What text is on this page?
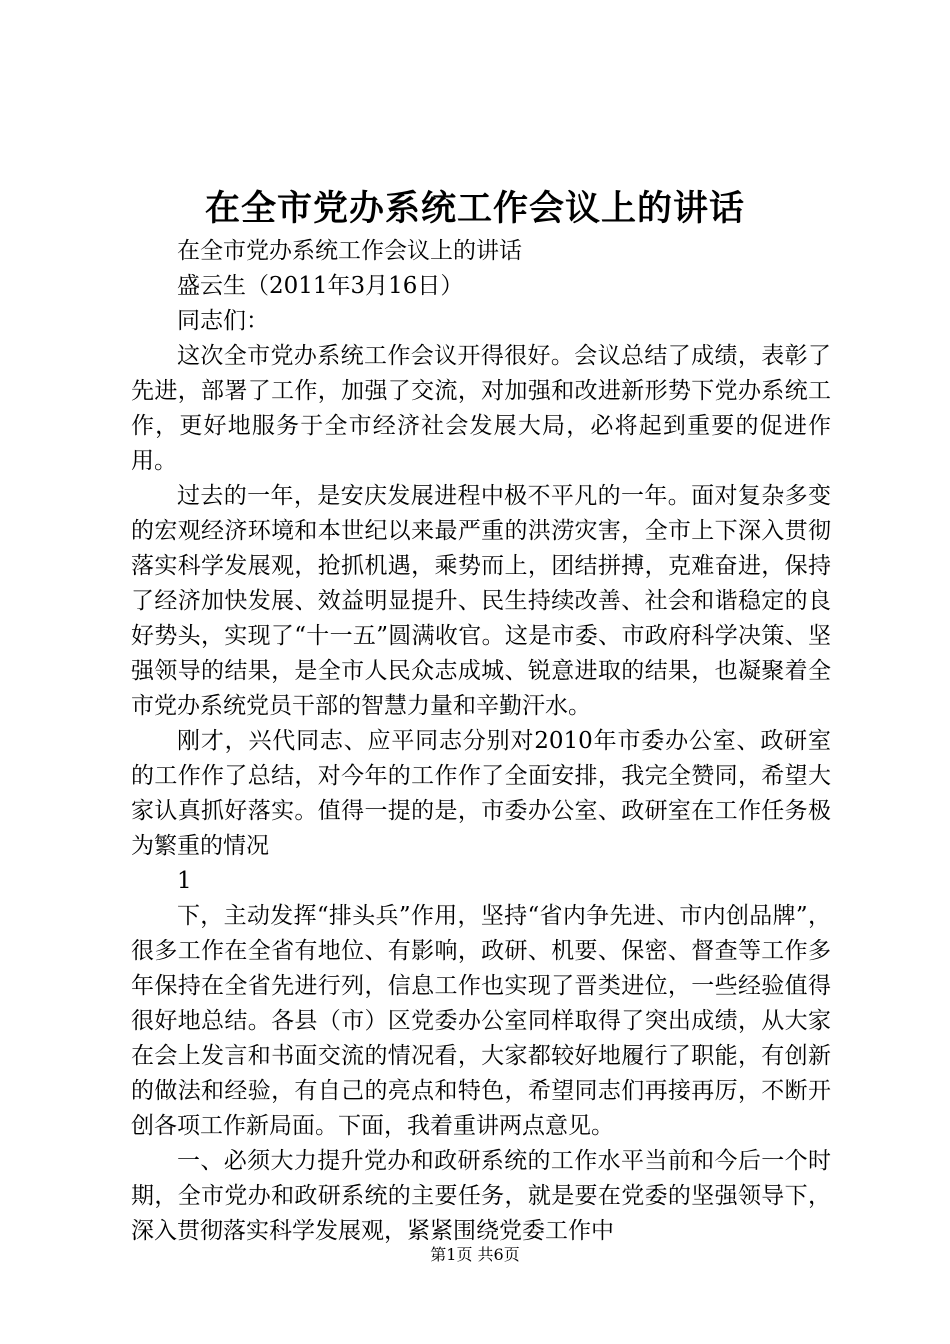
在全市党办系统工作会议上的讲话

在全市党办系统工作会议上的讲话

盛云生（2011年3月16日）

同志们：

这次全市党办系统工作会议开得很好。会议总结了成绩，表彰了先进，部署了工作，加强了交流，对加强和改进新形势下党办系统工作，更好地服务于全市经济社会发展大局，必将起到重要的促进作用。

过去的一年，是安庆发展进程中极不平凡的一年。面对复杂多变的宏观经济环境和本世纪以来最严重的洪涝灾害，全市上下深入贯彻落实科学发展观，抢抓机遇，乘势而上，团结拼搏，克难奋进，保持了经济加快发展、效益明显提升、民生持续改善、社会和谐稳定的良好势头，实现了“十一五”圆满收官。这是市委、市政府科学决策、坚强领导的结果，是全市人民众志成城、锐意进取的结果，也凝聚着全市党办系统党员干部的智慧力量和辛勤汗水。

刚才，兴代同志、应平同志分别对2010年市委办公室、政研室的工作作了总结，对今年的工作作了全面安排，我完全赞同，希望大家认真抓好落实。值得一提的是，市委办公室、政研室在工作任务极为繁重的情况

1

下，主动发挥“排头兵”作用，坚持“省内争先进、市内创品牌”，很多工作在全省有地位、有影响，政研、机要、保密、督查等工作多年保持在全省先进行列，信息工作也实现了晋类进位，一些经验值得很好地总结。各县（市）区党委办公室同样取得了突出成绩，从大家在会上发言和书面交流的情况看，大家都较好地履行了职能，有创新的做法和经验，有自己的亮点和特色，希望同志们再接再厉，不断开创各项工作新局面。下面，我着重讲两点意见。

一、必须大力提升党办和政研系统的工作水平当前和今后一个时期，全市党办和政研系统的主要任务，就是要在党委的坚强领导下，深入贯彻落实科学发展观，紧紧围绕党委工作中

第1页 共6页
